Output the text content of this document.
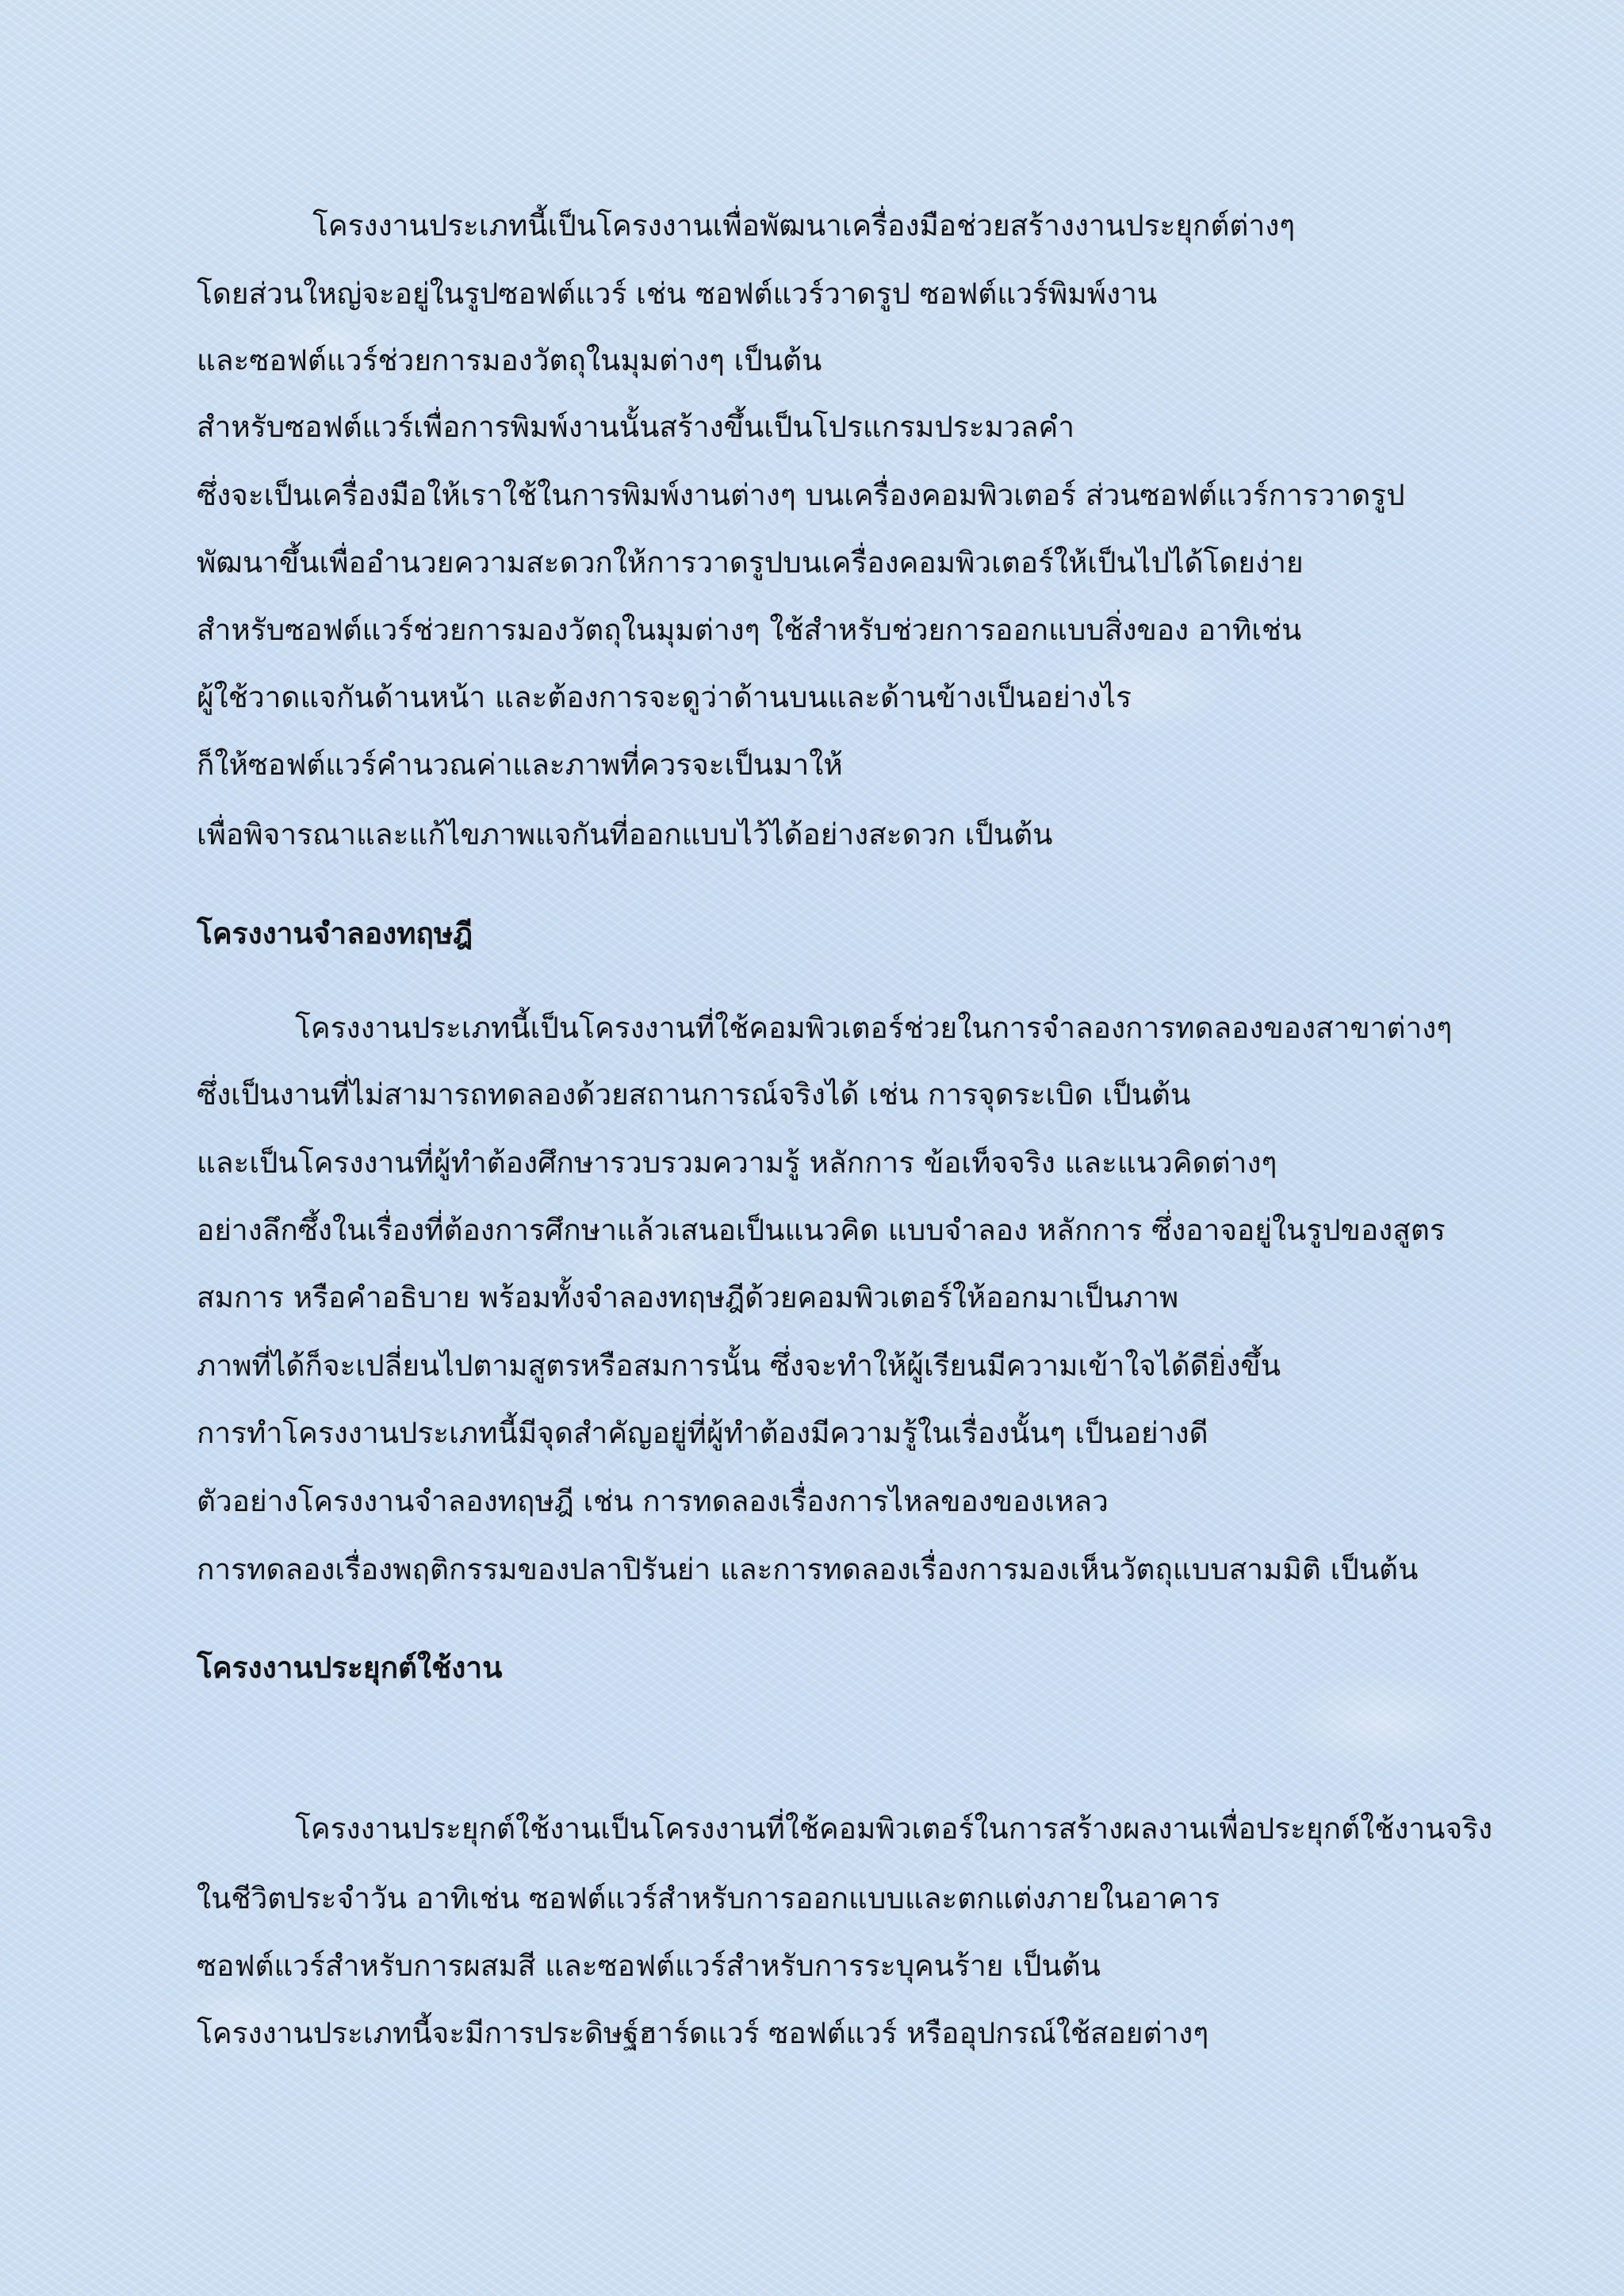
โครงงานประเภทนี้เป็นโครงงานเพื่อพัฒนาเครื่องมือช่วยสร้างงานประยุกต์ต่างๆ
โดยส่วนใหญ่จะอยู่ในรูปซอฟต์แวร์ เช่น ซอฟต์แวร์วาดรูป ซอฟต์แวร์พิมพ์งาน
และซอฟต์แวร์ช่วยการมองวัตถุในมุมต่างๆ เป็นต้น
สำหรับซอฟต์แวร์เพื่อการพิมพ์งานนั้นสร้างขึ้นเป็นโปรแกรมประมวลคำ
ซึ่งจะเป็นเครื่องมือให้เราใช้ในการพิมพ์งานต่างๆ บนเครื่องคอมพิวเตอร์ ส่วนซอฟต์แวร์การวาดรูป
พัฒนาขึ้นเพื่ออำนวยความสะดวกให้การวาดรูปบนเครื่องคอมพิวเตอร์ให้เป็นไปได้โดยง่าย
สำหรับซอฟต์แวร์ช่วยการมองวัตถุในมุมต่างๆ ใช้สำหรับช่วยการออกแบบสิ่งของ อาทิเช่น
ผู้ใช้วาดแจกันด้านหน้า และต้องการจะดูว่าด้านบนและด้านข้างเป็นอย่างไร
ก็ให้ซอฟต์แวร์คำนวณค่าและภาพที่ควรจะเป็นมาให้
เพื่อพิจารณาและแก้ไขภาพแจกันที่ออกแบบไว้ได้อย่างสะดวก เป็นต้น
โครงงานจำลองทฤษฎี
โครงงานประเภทนี้เป็นโครงงานที่ใช้คอมพิวเตอร์ช่วยในการจำลองการทดลองของสาขาต่างๆ
ซึ่งเป็นงานที่ไม่สามารถทดลองด้วยสถานการณ์จริงได้ เช่น การจุดระเบิด เป็นต้น
และเป็นโครงงานที่ผู้ทำต้องศึกษารวบรวมความรู้ หลักการ ข้อเท็จจริง และแนวคิดต่างๆ
อย่างลึกซึ้งในเรื่องที่ต้องการศึกษาแล้วเสนอเป็นแนวคิด แบบจำลอง หลักการ ซึ่งอาจอยู่ในรูปของสูตร
สมการ หรือคำอธิบาย พร้อมทั้งจำลองทฤษฎีด้วยคอมพิวเตอร์ให้ออกมาเป็นภาพ
ภาพที่ได้ก็จะเปลี่ยนไปตามสูตรหรือสมการนั้น ซึ่งจะทำให้ผู้เรียนมีความเข้าใจได้ดียิ่งขึ้น
การทำโครงงานประเภทนี้มีจุดสำคัญอยู่ที่ผู้ทำต้องมีความรู้ในเรื่องนั้นๆ เป็นอย่างดี
ตัวอย่างโครงงานจำลองทฤษฎี เช่น การทดลองเรื่องการไหลของของเหลว
การทดลองเรื่องพฤติกรรมของปลาปิรันย่า และการทดลองเรื่องการมองเห็นวัตถุแบบสามมิติ เป็นต้น
โครงงานประยุกต์ใช้งาน
โครงงานประยุกต์ใช้งานเป็นโครงงานที่ใช้คอมพิวเตอร์ในการสร้างผลงานเพื่อประยุกต์ใช้งานจริง
ในชีวิตประจำวัน อาทิเช่น ซอฟต์แวร์สำหรับการออกแบบและตกแต่งภายในอาคาร
ซอฟต์แวร์สำหรับการผสมสี และซอฟต์แวร์สำหรับการระบุคนร้าย เป็นต้น
โครงงานประเภทนี้จะมีการประดิษฐ์ฮาร์ดแวร์ ซอฟต์แวร์ หรืออุปกรณ์ใช้สอยต่างๆ
